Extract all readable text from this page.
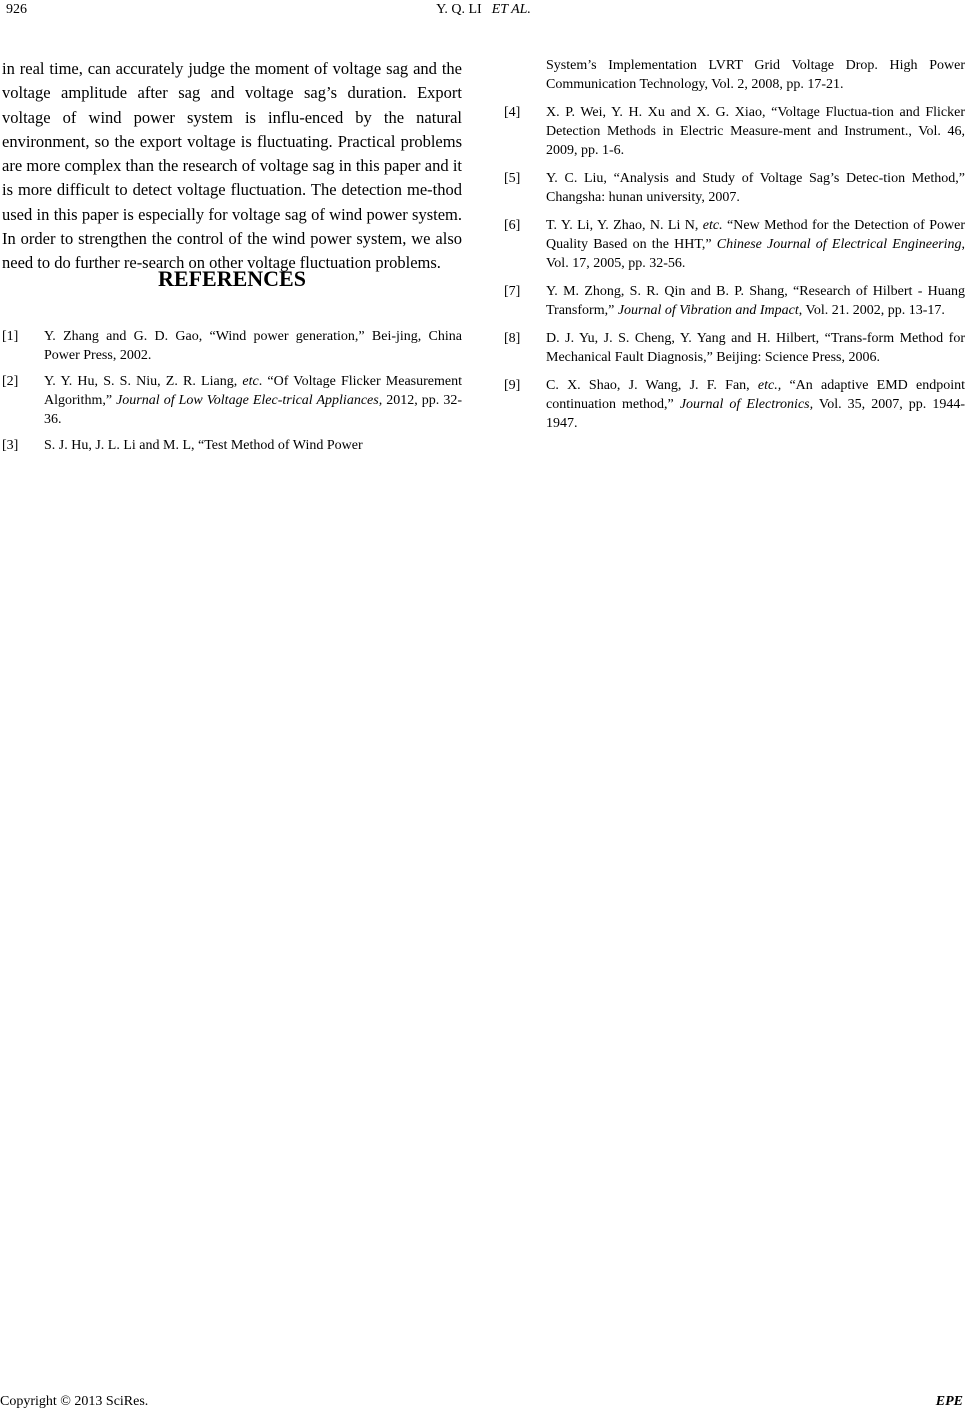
926	Y. Q. LI ET AL.

in real time, can accurately judge the moment of voltage sag and the voltage amplitude after sag and voltage sag’s duration. Export voltage of wind power system is influ-enced by the natural environment, so the export voltage is fluctuating. Practical problems are more complex than the research of voltage sag in this paper and it is more difficult to detect voltage fluctuation. The detection me-thod used in this paper is especially for voltage sag of wind power system. In order to strengthen the control of the wind power system, we also need to do further re-search on other voltage fluctuation problems.

REFERENCES
[1]	Y. Zhang and G. D. Gao, “Wind power generation,” Bei-jing, China Power Press, 2002.
[2]	Y. Y. Hu, S. S. Niu, Z. R. Liang, etc. “Of Voltage Flicker Measurement Algorithm,” Journal of Low Voltage Elec-trical Appliances, 2012, pp. 32-36.
[3]	S. J. Hu, J. L. Li and M. L, “Test Method of Wind Power
System’s Implementation LVRT Grid Voltage Drop. High Power Communication Technology, Vol. 2, 2008, pp. 17-21.
[4]	X. P. Wei, Y. H. Xu and X. G. Xiao, “Voltage Fluctua-tion and Flicker Detection Methods in Electric Measure-ment and Instrument., Vol. 46, 2009, pp. 1-6.
[5]	Y. C. Liu, “Analysis and Study of Voltage Sag’s Detec-tion Method,” Changsha: hunan university, 2007.
[6]	T. Y. Li, Y. Zhao, N. Li N, etc. “New Method for the Detection of Power Quality Based on the HHT,” Chinese Journal of Electrical Engineering, Vol. 17, 2005, pp. 32-56.
[7]	Y. M. Zhong, S. R. Qin and B. P. Shang, “Research of Hilbert - Huang Transform,” Journal of Vibration and Impact, Vol. 21. 2002, pp. 13-17.
[8]	D. J. Yu, J. S. Cheng, Y. Yang and H. Hilbert, “Trans-form Method for Mechanical Fault Diagnosis,” Beijing: Science Press, 2006.
[9]	C. X. Shao, J. Wang, J. F. Fan, etc., “An adaptive EMD endpoint continuation method,” Journal of Electronics, Vol. 35, 2007, pp. 1944-1947.
Copyright © 2013 SciRes.	EPE
